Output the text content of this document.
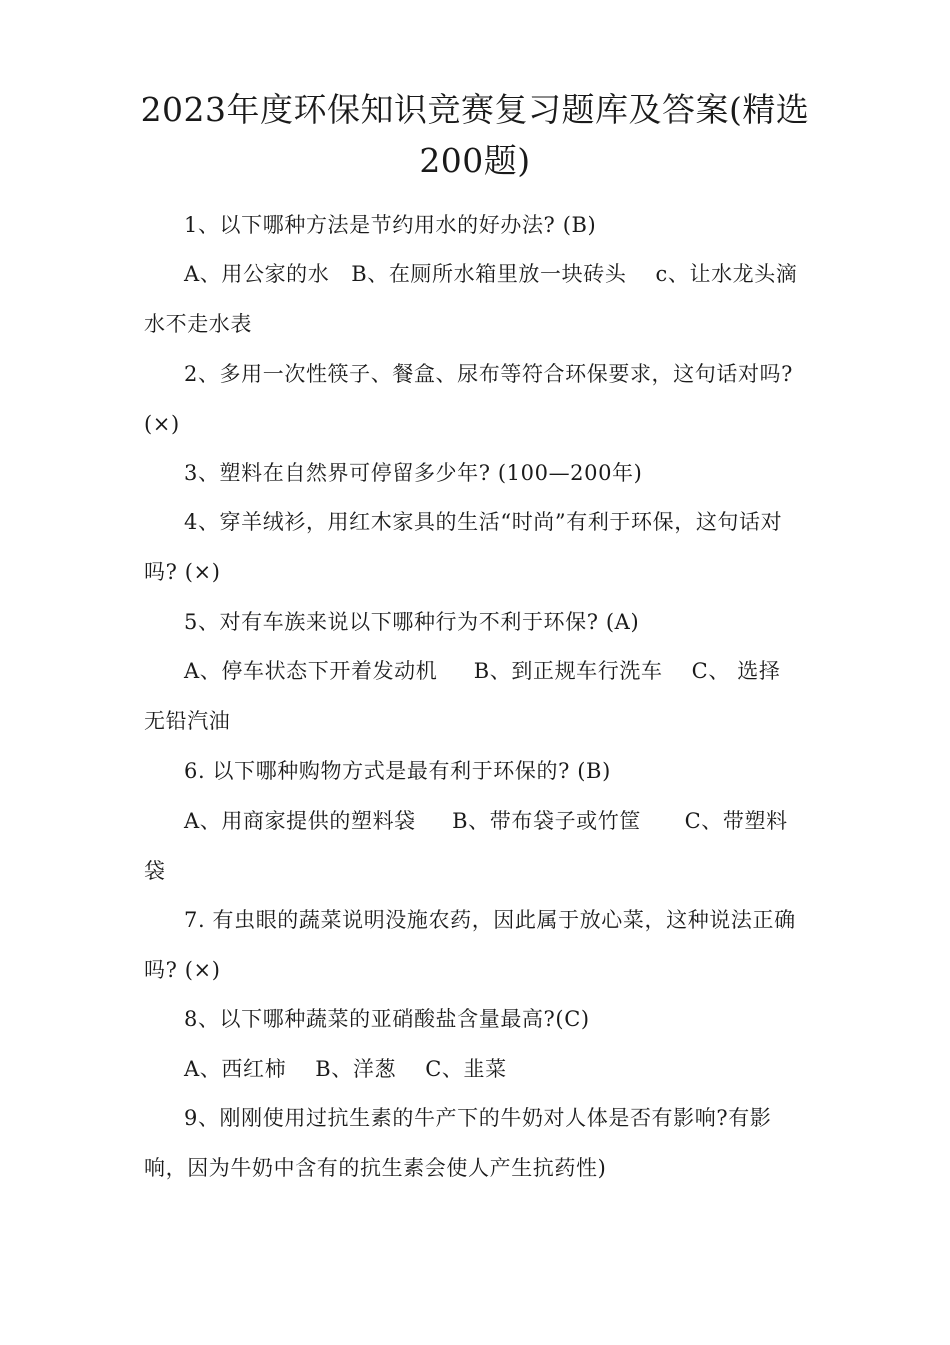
2023年度环保知识竞赛复习题库及答案(精选200题)

1、以下哪种方法是节约用水的好办法? (B)

A、用公家的水   B、在厕所水箱里放一块砖头    c、让水龙头滴水不走水表

2、多用一次性筷子、餐盒、尿布等符合环保要求，这句话对吗? (×)

3、塑料在自然界可停留多少年? (100—200年)

4、穿羊绒衫，用红木家具的生活“时尚”有利于环保，这句话对吗? (×)

5、对有车族来说以下哪种行为不利于环保? (A)

A、停车状态下开着发动机     B、到正规车行洗车    C、 选择无铅汽油

6. 以下哪种购物方式是最有利于环保的? (B)

A、用商家提供的塑料袋     B、带布袋子或竹筐      C、带塑料袋

7. 有虫眼的蔬菜说明没施农药，因此属于放心菜，这种说法正确吗? (×)

8、以下哪种蔬菜的亚硝酸盐含量最高?(C)

A、西红柿    B、洋葱    C、韭菜

9、刚刚使用过抗生素的牛产下的牛奶对人体是否有影响?有影响，因为牛奶中含有的抗生素会使人产生抗药性)
